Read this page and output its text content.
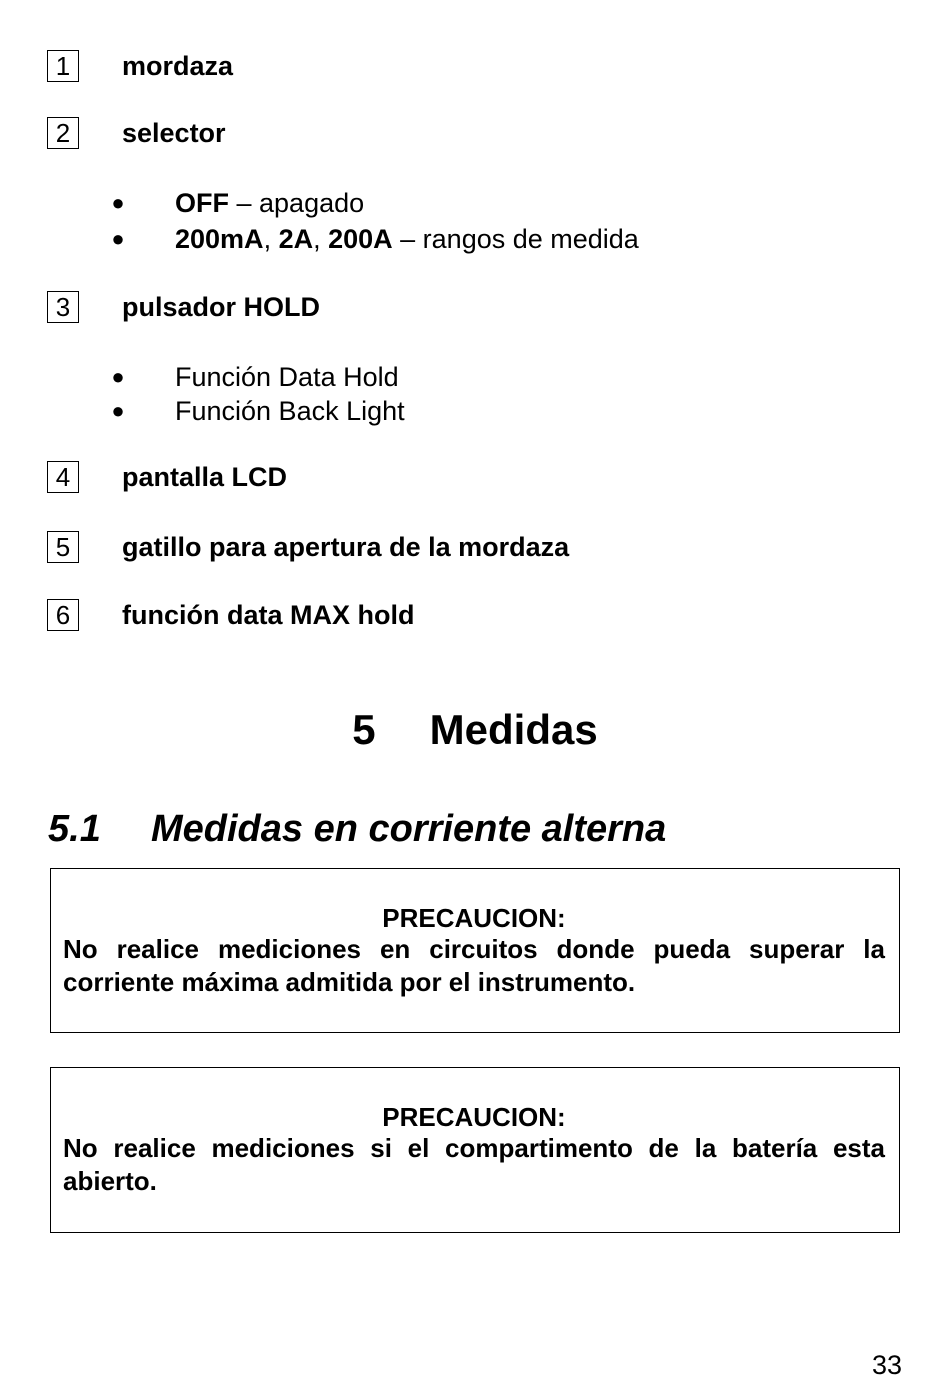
1	mordaza
2	selector
● OFF – apagado
● 200mA, 2A, 200A – rangos de medida
3	pulsador HOLD
● Función Data Hold
● Función Back Light
4	pantalla LCD
5	gatillo para apertura de la mordaza
6	función data MAX hold
5 Medidas
5.1 Medidas en corriente alterna
PRECAUCION:
No realice mediciones en circuitos donde pueda superar la corriente máxima admitida por el instrumento.
PRECAUCION:
No realice mediciones si el compartimento de la batería esta abierto.
33
